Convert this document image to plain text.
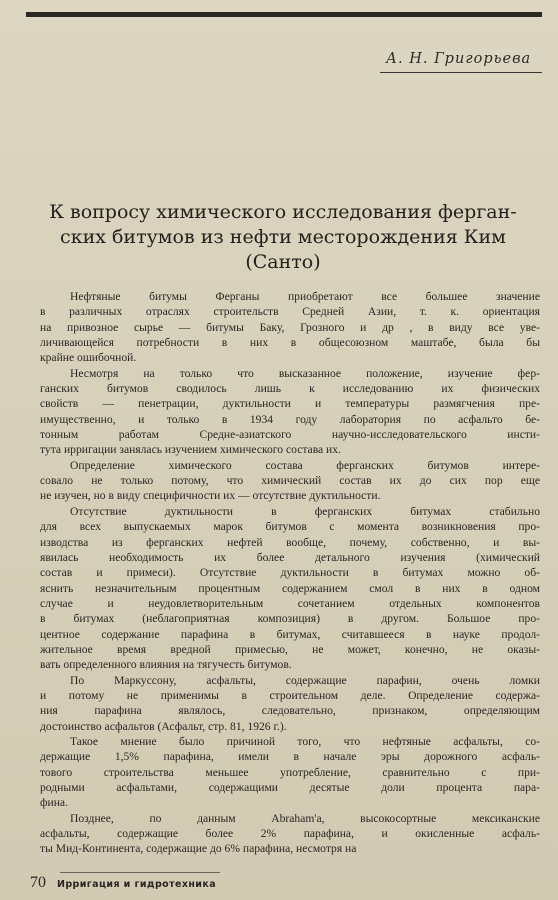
А. Н. Григорьева
К вопросу химического исследования ферган-
ских битумов из нефти месторождения Ким
(Санто)
Нефтяные битумы Ферганы приобретают все большее значение
в различных отраслях строительств Средней Азии, т. к. ориентация
на привозное сырье — битумы Баку, Грозного и др , в виду все уве-
личивающейся потребности в них в общесоюзном маштабе, была бы
крайне ошибочной.
Несмотря на только что высказанное положение, изучение фер-
ганских битумов сводилось лишь к исследованию их физических
свойств — пенетрации, дуктильности и температуры размягчения пре-
имущественно, и только в 1934 году лаборатория по асфальто бе-
тонным работам Средне-азиатского научно-исследовательского инсти-
тута ирригации занялась изучением химического состава их.
Определение химического состава ферганских битумов интере-
совало не только потому, что химический состав их до сих пор еще
не изучен, но в виду специфичности их — отсутствие дуктильности.
Отсутствие дуктильности в ферганских битумах стабильно
для всех выпускаемых марок битумов с момента возникновения про-
изводства из ферганских нефтей вообще, почему, собственно, и вы-
явилась необходимость их более детального изучения (химический
состав и примеси). Отсутствие дуктильности в битумах можно об-
яснить незначительным процентным содержанием смол в них в одном
случае и неудовлетворительным сочетанием отдельных компонентов
в битумах (неблагоприятная композиция) в другом. Большое про-
центное содержание парафина в битумах, считавшееся в науке продол-
жительное время вредной примесью, не может, конечно, не оказы-
вать определенного влияния на тягучесть битумов.
По Маркуссону, асфальты, содержащие парафин, очень ломки
и потому не применимы в строительном деле. Определение содержа-
ния парафина являлось, следовательно, признаком, определяющим
достоинство асфальтов (Асфальт, стр. 81, 1926 г.).
Такое мнение было причиной того, что нефтяные асфальты, со-
держащие 1,5% парафина, имели в начале эры дорожного асфаль-
тового строительства меньшее употребление, сравнительно с при-
родными асфальтами, содержащими десятые доли процента пара-
фина.
Позднее, по данным Abraham'а, высокосортные мексиканские
асфальты, содержащие более 2% парафина, и окисленные асфаль-
ты Мид-Континента, содержащие до 6% парафина, несмотря на
70 Ирригация и гидротехника
